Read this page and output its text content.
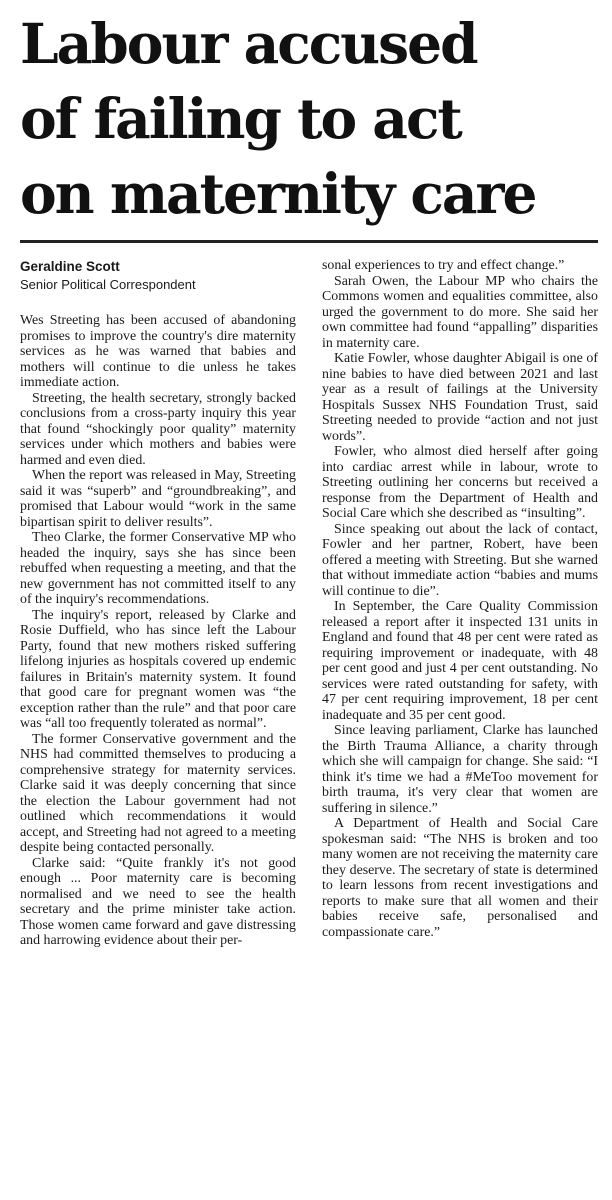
Labour accused
of failing to act
on maternity care
Geraldine Scott
Senior Political Correspondent

Wes Streeting has been accused of abandoning promises to improve the country's dire maternity services as he was warned that babies and mothers will continue to die unless he takes immediate action.

Streeting, the health secretary, strongly backed conclusions from a cross-party inquiry this year that found “shockingly poor quality” maternity services under which mothers and babies were harmed and even died.

When the report was released in May, Streeting said it was “superb” and “groundbreaking”, and promised that Labour would “work in the same bipartisan spirit to deliver results”.

Theo Clarke, the former Conservative MP who headed the inquiry, says she has since been rebuffed when requesting a meeting, and that the new government has not committed itself to any of the inquiry's recommendations.

The inquiry's report, released by Clarke and Rosie Duffield, who has since left the Labour Party, found that new mothers risked suffering lifelong injuries as hospitals covered up endemic failures in Britain's maternity system. It found that good care for pregnant women was “the exception rather than the rule” and that poor care was “all too frequently tolerated as normal”.

The former Conservative government and the NHS had committed themselves to producing a comprehensive strategy for maternity services. Clarke said it was deeply concerning that since the election the Labour government had not outlined which recommendations it would accept, and Streeting had not agreed to a meeting despite being contacted personally.

Clarke said: “Quite frankly it's not good enough ... Poor maternity care is becoming normalised and we need to see the health secretary and the prime minister take action. Those women came forward and gave distressing and harrowing evidence about their per-

sonal experiences to try and effect change.”

Sarah Owen, the Labour MP who chairs the Commons women and equalities committee, also urged the government to do more. She said her own committee had found “appalling” disparities in maternity care.

Katie Fowler, whose daughter Abigail is one of nine babies to have died between 2021 and last year as a result of failings at the University Hospitals Sussex NHS Foundation Trust, said Streeting needed to provide “action and not just words”.

Fowler, who almost died herself after going into cardiac arrest while in labour, wrote to Streeting outlining her concerns but received a response from the Department of Health and Social Care which she described as “insulting”.

Since speaking out about the lack of contact, Fowler and her partner, Robert, have been offered a meeting with Streeting. But she warned that without immediate action “babies and mums will continue to die”.

In September, the Care Quality Commission released a report after it inspected 131 units in England and found that 48 per cent were rated as requiring improvement or inadequate, with 48 per cent good and just 4 per cent outstanding. No services were rated outstanding for safety, with 47 per cent requiring improvement, 18 per cent inadequate and 35 per cent good.

Since leaving parliament, Clarke has launched the Birth Trauma Alliance, a charity through which she will campaign for change. She said: “I think it's time we had a #MeToo movement for birth trauma, it's very clear that women are suffering in silence.”

A Department of Health and Social Care spokesman said: “The NHS is broken and too many women are not receiving the maternity care they deserve. The secretary of state is determined to learn lessons from recent investigations and reports to make sure that all women and their babies receive safe, personalised and compassionate care.”
